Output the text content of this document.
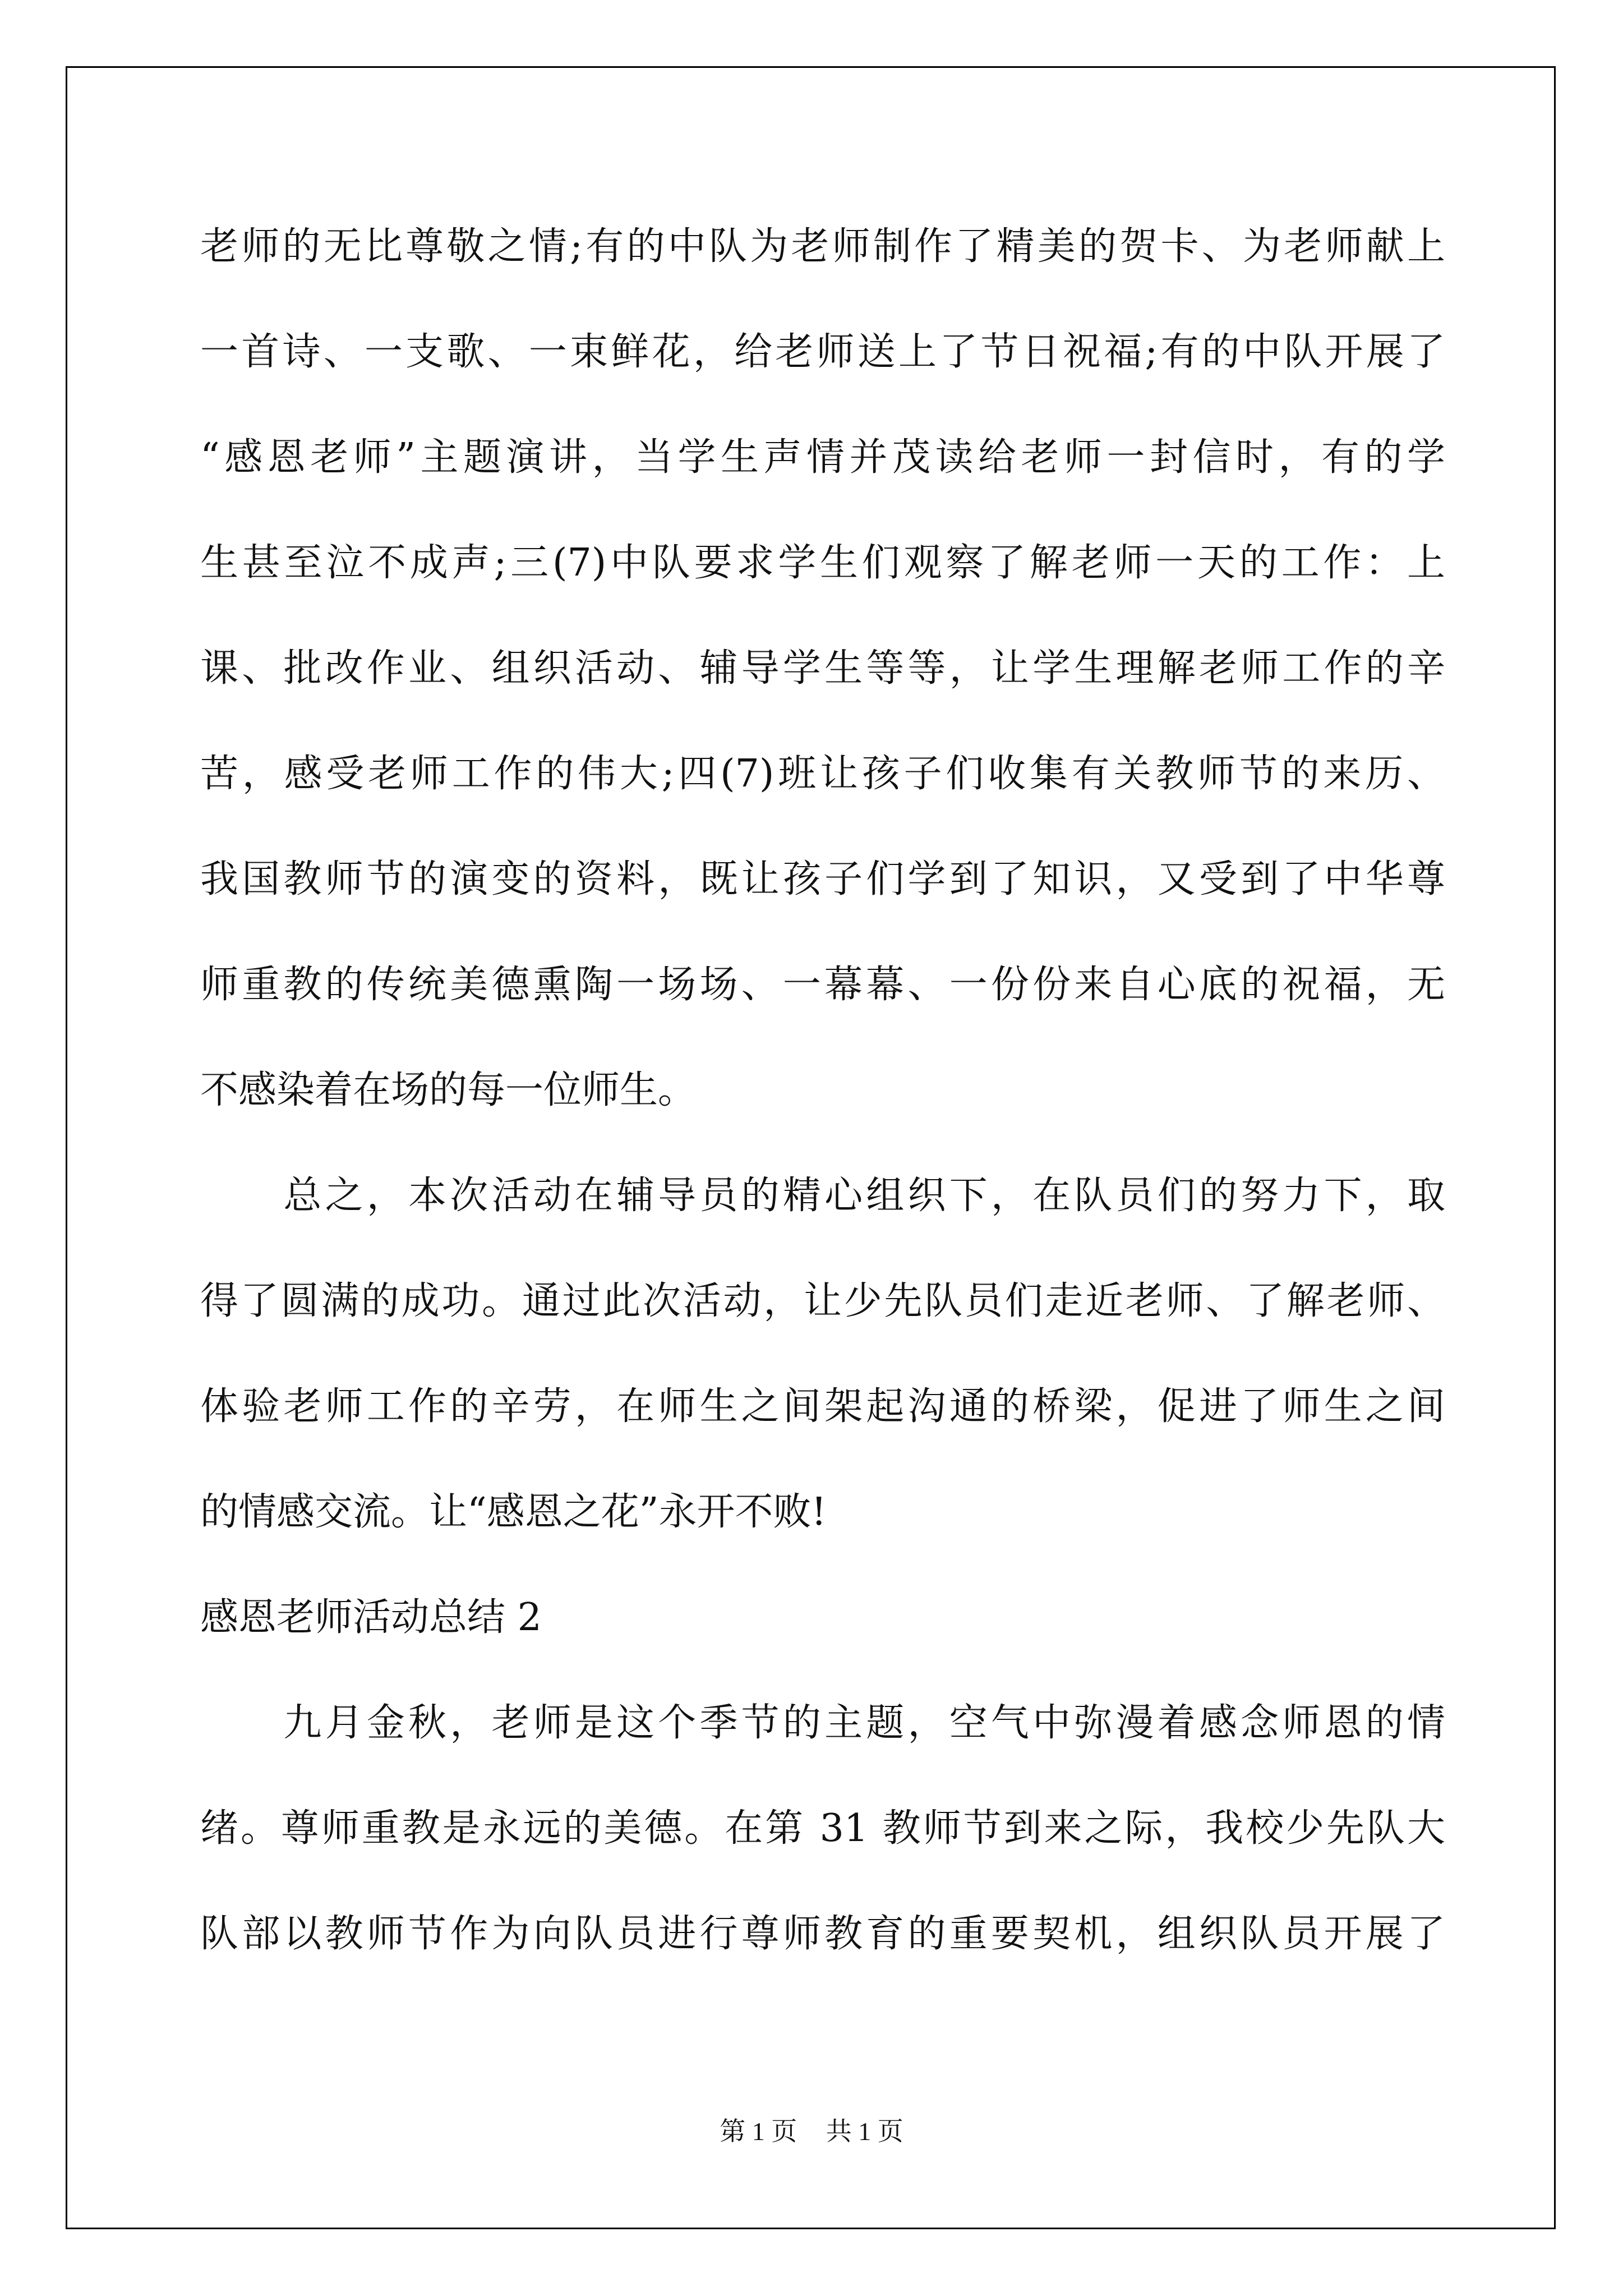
老师的无比尊敬之情;有的中队为老师制作了精美的贺卡、为老师献上
一首诗、一支歌、一束鲜花，给老师送上了节日祝福;有的中队开展了
“感恩老师”主题演讲，当学生声情并茂读给老师一封信时，有的学
生甚至泣不成声;三(7)中队要求学生们观察了解老师一天的工作：上
课、批改作业、组织活动、辅导学生等等，让学生理解老师工作的辛
苦，感受老师工作的伟大;四(7)班让孩子们收集有关教师节的来历、
我国教师节的演变的资料，既让孩子们学到了知识，又受到了中华尊
师重教的传统美德熏陶一场场、一幕幕、一份份来自心底的祝福，无
不感染着在场的每一位师生。
　　总之，本次活动在辅导员的精心组织下，在队员们的努力下，取
得了圆满的成功。通过此次活动，让少先队员们走近老师、了解老师、
体验老师工作的辛劳，在师生之间架起沟通的桥梁，促进了师生之间
的情感交流。让“感恩之花”永开不败!
感恩老师活动总结 2
　　九月金秋，老师是这个季节的主题，空气中弥漫着感念师恩的情
绪。尊师重教是永远的美德。在第 31 教师节到来之际，我校少先队大
队部以教师节作为向队员进行尊师教育的重要契机，组织队员开展了
第 1 页 共 1 页
